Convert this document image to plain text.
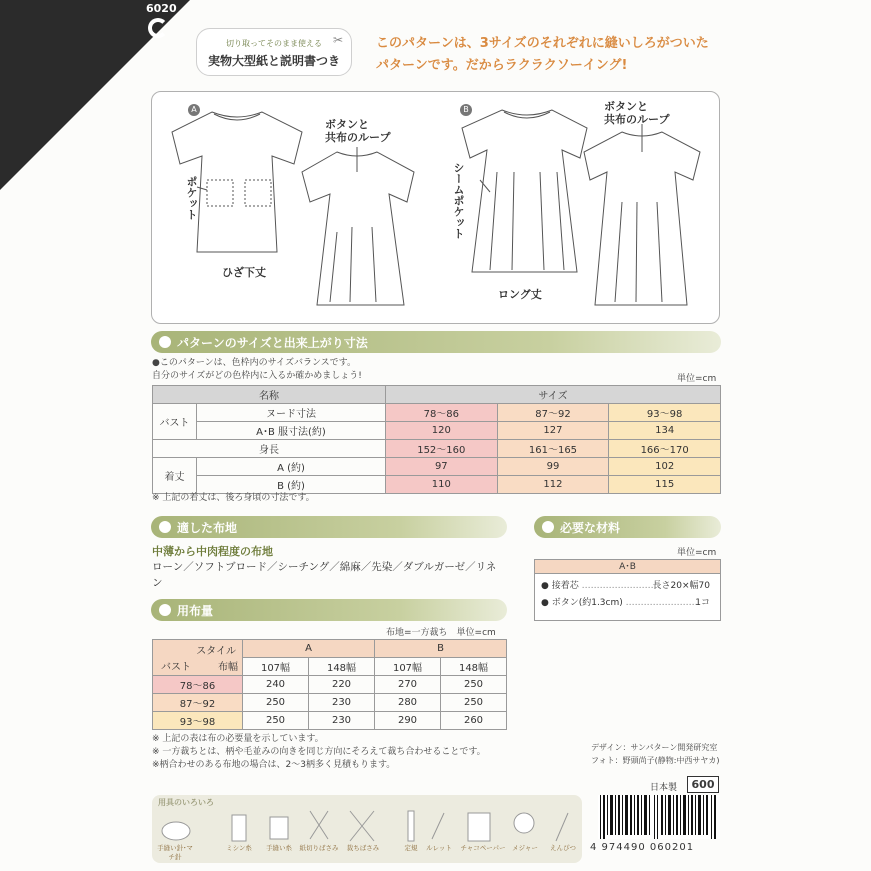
6020
✂
切り取ってそのまま使える
実物大型紙と説明書つき
このパターンは、3サイズのそれぞれに縫いしろがついた
パターンです。だからラクラクソーイング!
A	B
ポケット
ボタンと
共布のループ
ひざ下丈
シームポケット
ボタンと
共布のループ
ロング丈
パターンのサイズと出来上がり寸法
●このパターンは、色枠内のサイズバランスです。
自分のサイズがどの色枠内に入るか確かめましょう!	単位=cm
名称		サイズ		
バスト	ヌード寸法	78〜86	87〜92	93〜98
	A･B 服寸法(約)	120	127	134
身長		152〜160	161〜165	166〜170
着丈	A (約)	97	99	102
	B (約)	110	112	115
※ 上記の着丈は、後ろ身頃の寸法です。
適した布地
中薄から中肉程度の布地
ローン／ソフトブロード／シーチング／綿麻／先染／ダブルガーゼ／リネン
必要な材料
単位=cm
A･B
● 接着芯 ……………………
長さ20×幅70
● ボタン(約1.3cm) ……………………
1コ
用布量
布地=一方裁ち　単位=cm
スタイル
バスト 布幅	A		B	
	107幅	148幅	107幅	148幅
78〜86	240	220	270	250
87〜92	250	230	280	250
93〜98	250	230	290	260
※ 上記の表は布の必要量を示しています。
※ 一方裁ちとは、柄や毛並みの向きを同じ方向にそろえて裁ち合わせることです。
※柄合わせのある布地の場合は、2〜3柄多く見積もります。
デザイン：サンパターン開発研究室
フォト：野頭尚子(静物:中西サヤカ)
日本製	600
用具のいろいろ
手縫い針･マチ針
ミシン糸	手縫い糸	紙切りばさみ	裁ちばさみ	定規	ルレット	チャコペーパー	メジャー	えんぴつ	4 974490 060201
